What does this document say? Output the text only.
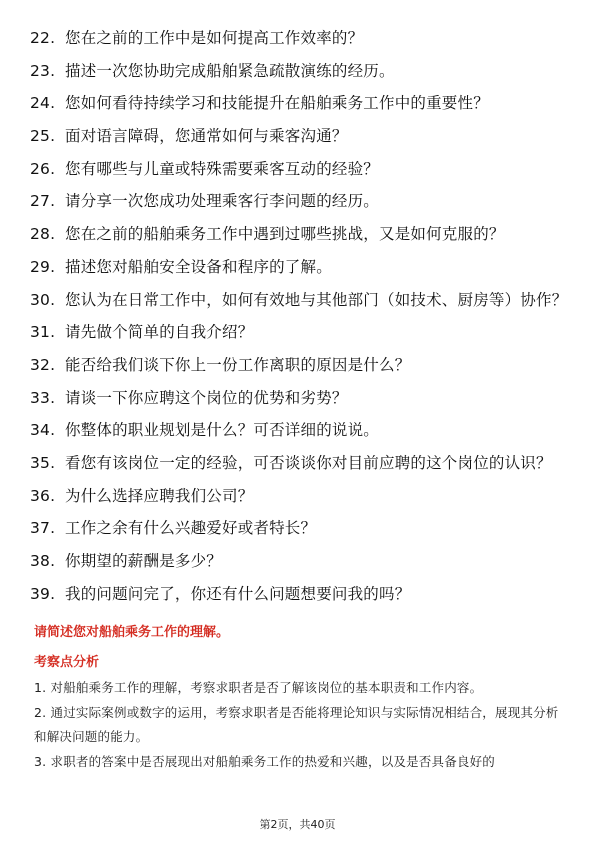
22. 您在之前的工作中是如何提高工作效率的？
23. 描述一次您协助完成船舶紧急疏散演练的经历。
24. 您如何看待持续学习和技能提升在船舶乘务工作中的重要性？
25. 面对语言障碍，您通常如何与乘客沟通？
26. 您有哪些与儿童或特殊需要乘客互动的经验？
27. 请分享一次您成功处理乘客行李问题的经历。
28. 您在之前的船舶乘务工作中遇到过哪些挑战，又是如何克服的？
29. 描述您对船舶安全设备和程序的了解。
30. 您认为在日常工作中，如何有效地与其他部门（如技术、厨房等）协作？
31. 请先做个简单的自我介绍？
32. 能否给我们谈下你上一份工作离职的原因是什么？
33. 请谈一下你应聘这个岗位的优势和劣势？
34. 你整体的职业规划是什么？可否详细的说说。
35. 看您有该岗位一定的经验，可否谈谈你对目前应聘的这个岗位的认识？
36. 为什么选择应聘我们公司？
37. 工作之余有什么兴趣爱好或者特长？
38. 你期望的薪酬是多少？
39. 我的问题问完了，你还有什么问题想要问我的吗？
请简述您对船舶乘务工作的理解。
考察点分析
1. 对船舶乘务工作的理解，考察求职者是否了解该岗位的基本职责和工作内容。
2. 通过实际案例或数字的运用，考察求职者是否能将理论知识与实际情况相结合，展现其分析和解决问题的能力。
3. 求职者的答案中是否展现出对船舶乘务工作的热爱和兴趣，以及是否具备良好的
第2页，共40页
